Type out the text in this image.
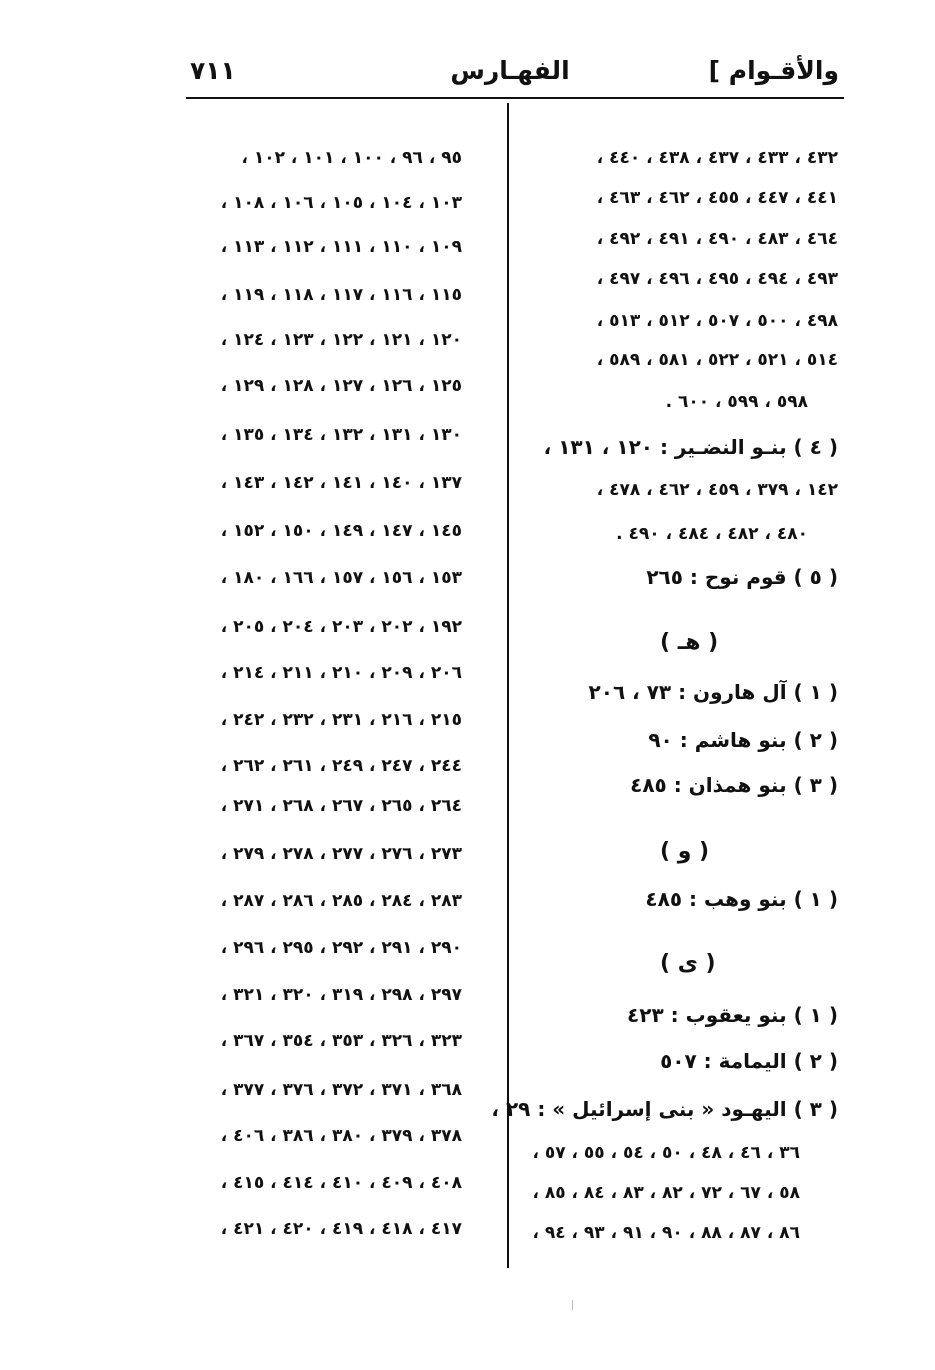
٧١١	الفهـارس	والأقـوام ]
٩٥ ، ٩٦ ، ١٠٠ ، ١٠١ ، ١٠٢ ،
١٠٣ ، ١٠٤ ، ١٠٥ ، ١٠٦ ، ١٠٨ ،
١٠٩ ، ١١٠ ، ١١١ ، ١١٢ ، ١١٣ ،
١١٥ ، ١١٦ ، ١١٧ ، ١١٨ ، ١١٩ ،
١٢٠ ، ١٢١ ، ١٢٢ ، ١٢٣ ، ١٢٤ ،
١٢٥ ، ١٢٦ ، ١٢٧ ، ١٢٨ ، ١٢٩ ،
١٣٠ ، ١٣١ ، ١٣٢ ، ١٣٤ ، ١٣٥ ،
١٣٧ ، ١٤٠ ، ١٤١ ، ١٤٢ ، ١٤٣ ،
١٤٥ ، ١٤٧ ، ١٤٩ ، ١٥٠ ، ١٥٢ ،
١٥٣ ، ١٥٦ ، ١٥٧ ، ١٦٦ ، ١٨٠ ،
١٩٢ ، ٢٠٢ ، ٢٠٣ ، ٢٠٤ ، ٢٠٥ ،
٢٠٦ ، ٢٠٩ ، ٢١٠ ، ٢١١ ، ٢١٤ ،
٢١٥ ، ٢١٦ ، ٢٣١ ، ٢٣٢ ، ٢٤٢ ،
٢٤٤ ، ٢٤٧ ، ٢٤٩ ، ٢٦١ ، ٢٦٢ ،
٢٦٤ ، ٢٦٥ ، ٢٦٧ ، ٢٦٨ ، ٢٧١ ،
٢٧٣ ، ٢٧٦ ، ٢٧٧ ، ٢٧٨ ، ٢٧٩ ،
٢٨٣ ، ٢٨٤ ، ٢٨٥ ، ٢٨٦ ، ٢٨٧ ،
٢٩٠ ، ٢٩١ ، ٢٩٢ ، ٢٩٥ ، ٢٩٦ ،
٢٩٧ ، ٢٩٨ ، ٣١٩ ، ٣٢٠ ، ٣٢١ ،
٣٢٣ ، ٣٢٦ ، ٣٥٣ ، ٣٥٤ ، ٣٦٧ ،
٣٦٨ ، ٣٧١ ، ٣٧٢ ، ٣٧٦ ، ٣٧٧ ،
٣٧٨ ، ٣٧٩ ، ٣٨٠ ، ٣٨٦ ، ٤٠٦ ،
٤٠٨ ، ٤٠٩ ، ٤١٠ ، ٤١٤ ، ٤١٥ ،
٤١٧ ، ٤١٨ ، ٤١٩ ، ٤٢٠ ، ٤٢١ ،
٤٣٢ ، ٤٣٣ ، ٤٣٧ ، ٤٣٨ ، ٤٤٠ ،
٤٤١ ، ٤٤٧ ، ٤٥٥ ، ٤٦٢ ، ٤٦٣ ،
٤٦٤ ، ٤٨٣ ، ٤٩٠ ، ٤٩١ ، ٤٩٢ ،
٤٩٣ ، ٤٩٤ ، ٤٩٥ ، ٤٩٦ ، ٤٩٧ ،
٤٩٨ ، ٥٠٠ ، ٥٠٧ ، ٥١٢ ، ٥١٣ ،
٥١٤ ، ٥٢١ ، ٥٢٢ ، ٥٨١ ، ٥٨٩ ،
٥٩٨ ، ٥٩٩ ، ٦٠٠ .
( ٤ ) بنـو النضـير : ١٢٠ ، ١٣١ ،
١٤٢ ، ٣٧٩ ، ٤٥٩ ، ٤٦٢ ، ٤٧٨ ،
٤٨٠ ، ٤٨٢ ، ٤٨٤ ، ٤٩٠ .
( ٥ ) قوم نوح : ٢٦٥
( هـ )
( ١ ) آل هارون : ٧٣ ، ٢٠٦
( ٢ ) بنو هاشم : ٩٠
( ٣ ) بنو همذان : ٤٨٥
( و )
( ١ ) بنو وهب : ٤٨٥
( ى )
( ١ ) بنو يعقوب : ٤٢٣
( ٢ ) اليمامة : ٥٠٧
( ٣ ) اليهـود « بنى إسرائيل » : ٢٩ ،
٣٦ ، ٤٦ ، ٤٨ ، ٥٠ ، ٥٤ ، ٥٥ ، ٥٧ ،
٥٨ ، ٦٧ ، ٧٢ ، ٨٢ ، ٨٣ ، ٨٤ ، ٨٥ ،
٨٦ ، ٨٧ ، ٨٨ ، ٩٠ ، ٩١ ، ٩٣ ، ٩٤ ،
